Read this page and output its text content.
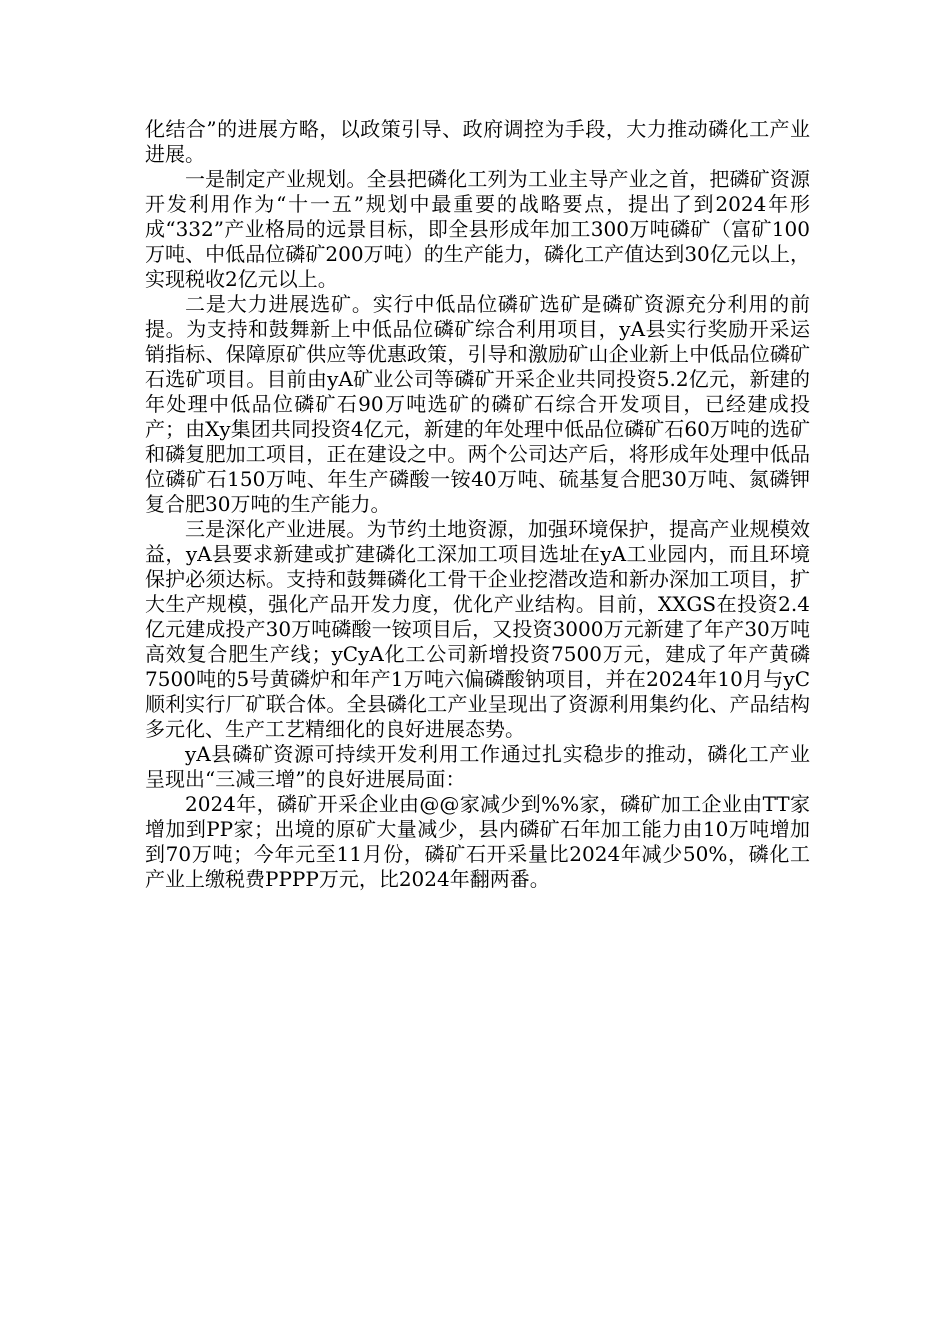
化结合”的进展方略，以政策引导、政府调控为手段，大力推动磷化工产业进展。

一是制定产业规划。全县把磷化工列为工业主导产业之首，把磷矿资源开发利用作为“十一五”规划中最重要的战略要点，提出了到2024年形成“332”产业格局的远景目标，即全县形成年加工300万吨磷矿（富矿100万吨、中低品位磷矿200万吨）的生产能力，磷化工产值达到30亿元以上，实现税收2亿元以上。

二是大力进展选矿。实行中低品位磷矿选矿是磷矿资源充分利用的前提。为支持和鼓舞新上中低品位磷矿综合利用项目，yA县实行奖励开采运销指标、保障原矿供应等优惠政策，引导和激励矿山企业新上中低品位磷矿石选矿项目。目前由yA矿业公司等磷矿开采企业共同投资5.2亿元，新建的年处理中低品位磷矿石90万吨选矿的磷矿石综合开发项目，已经建成投产；由Xy集团共同投资4亿元，新建的年处理中低品位磷矿石60万吨的选矿和磷复肥加工项目，正在建设之中。两个公司达产后，将形成年处理中低品位磷矿石150万吨、年生产磷酸一铵40万吨、硫基复合肥30万吨、氮磷钾复合肥30万吨的生产能力。

三是深化产业进展。为节约土地资源，加强环境保护，提高产业规模效益，yA县要求新建或扩建磷化工深加工项目选址在yA工业园内，而且环境保护必须达标。支持和鼓舞磷化工骨干企业挖潜改造和新办深加工项目，扩大生产规模，强化产品开发力度，优化产业结构。目前，XXGS在投资2.4亿元建成投产30万吨磷酸一铵项目后，又投资3000万元新建了年产30万吨高效复合肥生产线；yCyA化工公司新增投资7500万元，建成了年产黄磷7500吨的5号黄磷炉和年产1万吨六偏磷酸钠项目，并在2024年10月与yC顺利实行厂矿联合体。全县磷化工产业呈现出了资源利用集约化、产品结构多元化、生产工艺精细化的良好进展态势。

yA县磷矿资源可持续开发利用工作通过扎实稳步的推动，磷化工产业呈现出“三减三增”的良好进展局面：

2024年，磷矿开采企业由@@家减少到%%家，磷矿加工企业由TT家增加到PP家；出境的原矿大量减少，县内磷矿石年加工能力由10万吨增加到70万吨；今年元至11月份，磷矿石开采量比2024年减少50%，磷化工产业上缴税费PPPP万元，比2024年翻两番。
